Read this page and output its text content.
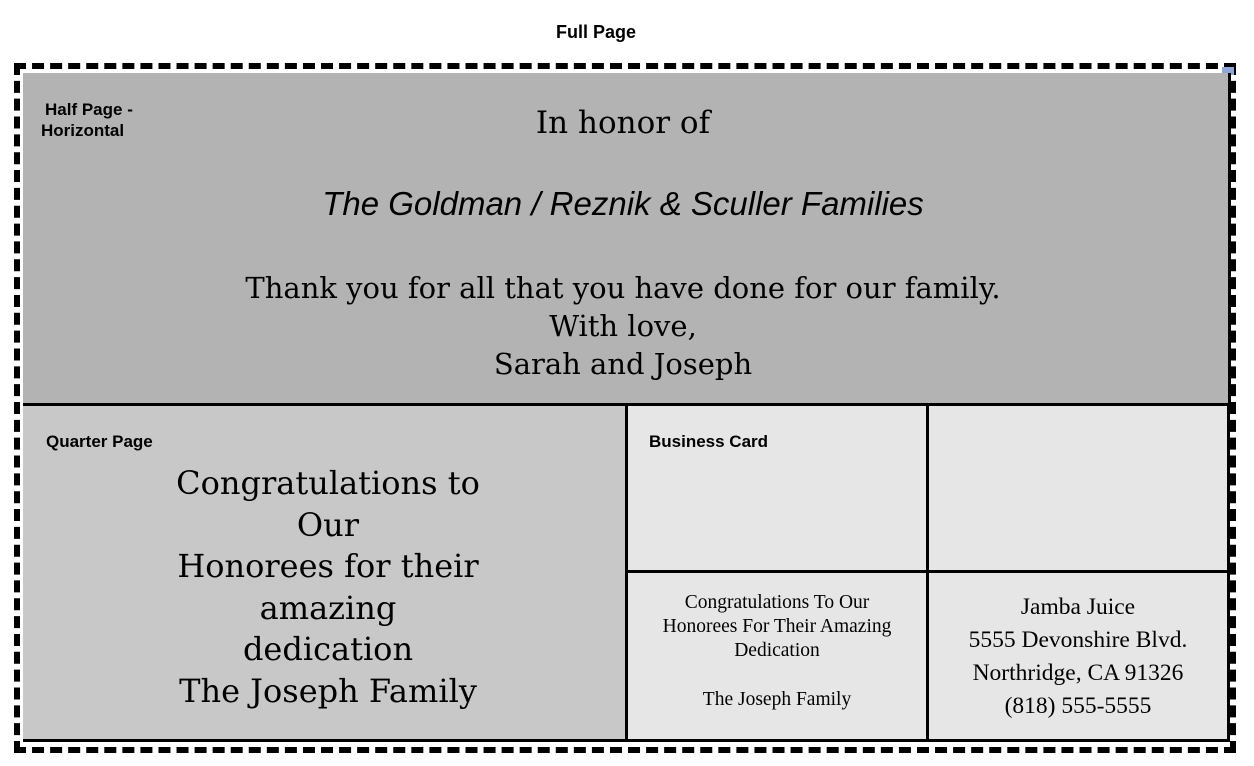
Full Page
Half Page -
Horizontal	In honor of
The Goldman / Reznik & Sculler Families
Thank you for all that you have done for our family.
With love,
Sarah and Joseph
Quarter Page
Congratulations to
Our
Honorees for their
amazing
dedication
The Joseph Family
Business Card
Congratulations To Our
Honorees For Their Amazing
Dedication
The Joseph Family
Jamba Juice
5555 Devonshire Blvd.
Northridge, CA 91326
(818) 555-5555
